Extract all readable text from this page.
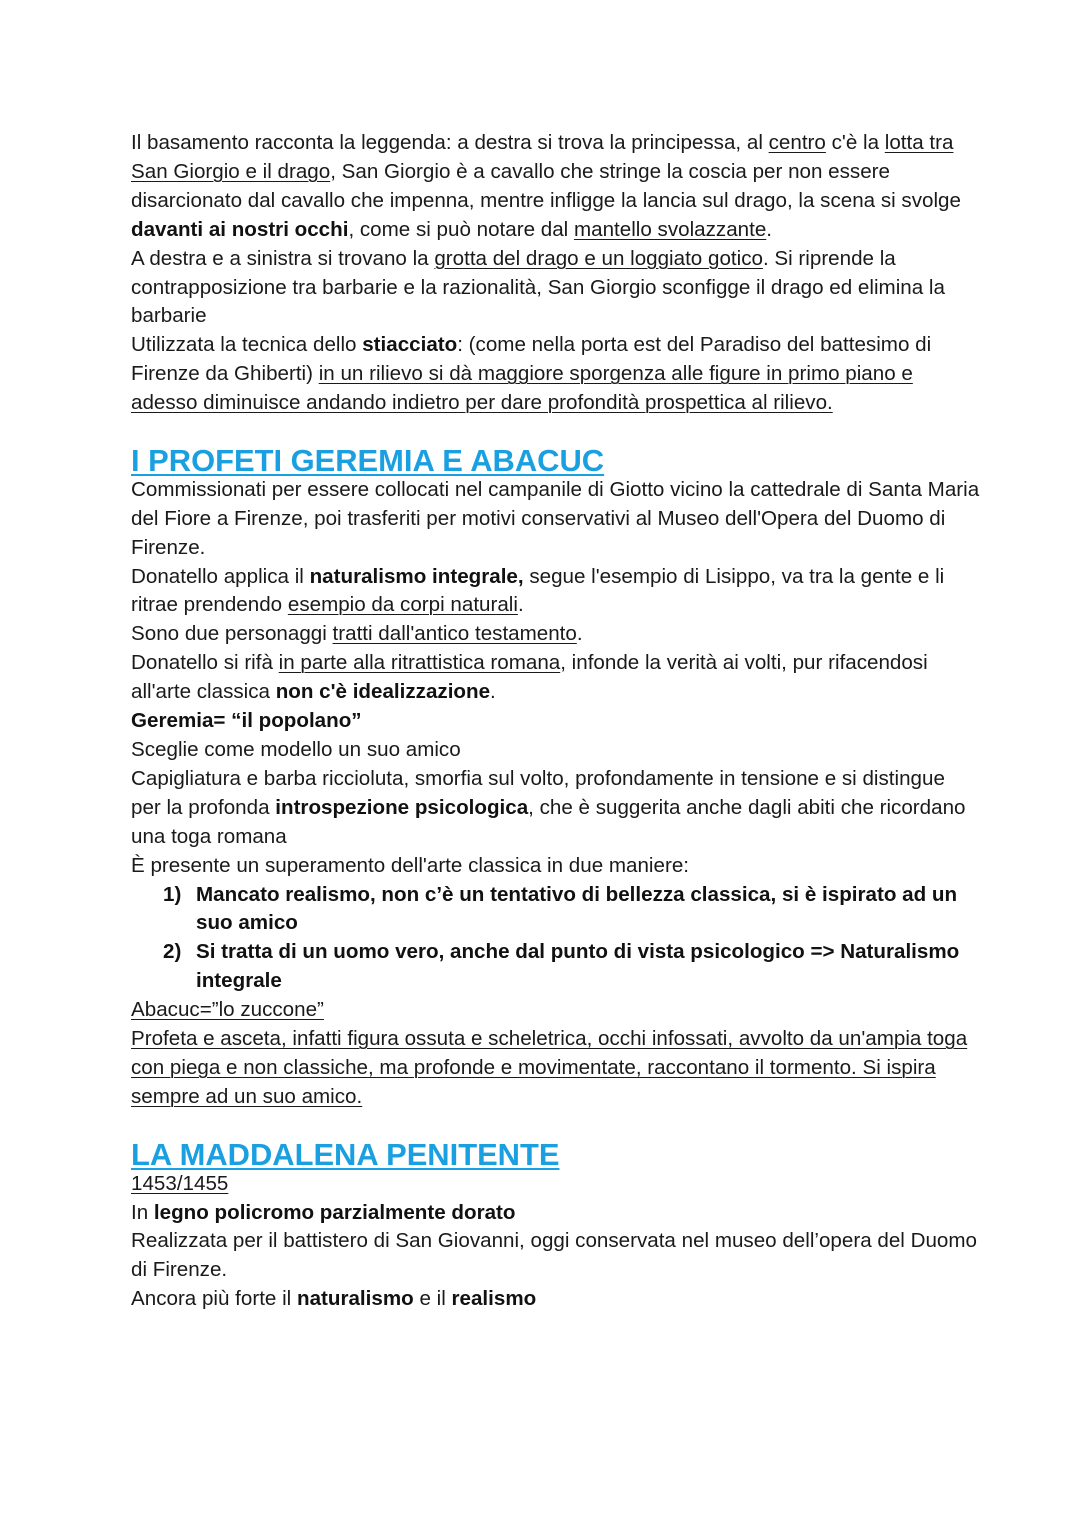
Il basamento racconta la leggenda: a destra si trova la principessa, al centro c'è la lotta tra San Giorgio e il drago, San Giorgio è a cavallo che stringe la coscia per non essere disarcionato dal cavallo che impenna, mentre infligge la lancia sul drago, la scena si svolge davanti ai nostri occhi, come si può notare dal mantello svolazzante.

A destra e a sinistra si trovano la grotta del drago e un loggiato gotico. Si riprende la contrapposizione tra barbarie e la razionalità, San Giorgio sconfigge il drago ed elimina la barbarie

Utilizzata la tecnica dello stiacciato: (come nella porta est del Paradiso del battesimo di Firenze da Ghiberti) in un rilievo si dà maggiore sporgenza alle figure in primo piano e adesso diminuisce andando indietro per dare profondità prospettica al rilievo.

I PROFETI GEREMIA E ABACUC

Commissionati per essere collocati nel campanile di Giotto vicino la cattedrale di Santa Maria del Fiore a Firenze, poi trasferiti per motivi conservativi al Museo dell'Opera del Duomo di Firenze.

Donatello applica il naturalismo integrale, segue l'esempio di Lisippo, va tra la gente e li ritrae prendendo esempio da corpi naturali.

Sono due personaggi tratti dall'antico testamento.

Donatello si rifà in parte alla ritrattistica romana, infonde la verità ai volti, pur rifacendosi all'arte classica non c'è idealizzazione.

Geremia= “il popolano”

Sceglie come modello un suo amico

Capigliatura e barba riccioluta, smorfia sul volto, profondamente in tensione e si distingue per la profonda introspezione psicologica, che è suggerita anche dagli abiti che ricordano una toga romana

È presente un superamento dell'arte classica in due maniere:

1) Mancato realismo, non c’è un tentativo di bellezza classica, si è ispirato ad un suo amico
2) Si tratta di un uomo vero, anche dal punto di vista psicologico => Naturalismo integrale

Abacuc=”lo zuccone”

Profeta e asceta, infatti figura ossuta e scheletrica, occhi infossati, avvolto da un'ampia toga con piega e non classiche, ma profonde e movimentate, raccontano il tormento. Si ispira sempre ad un suo amico.

LA MADDALENA PENITENTE

1453/1455

In legno policromo parzialmente dorato

Realizzata per il battistero di San Giovanni, oggi conservata nel museo dell’opera del Duomo di Firenze.

Ancora più forte il naturalismo e il realismo
